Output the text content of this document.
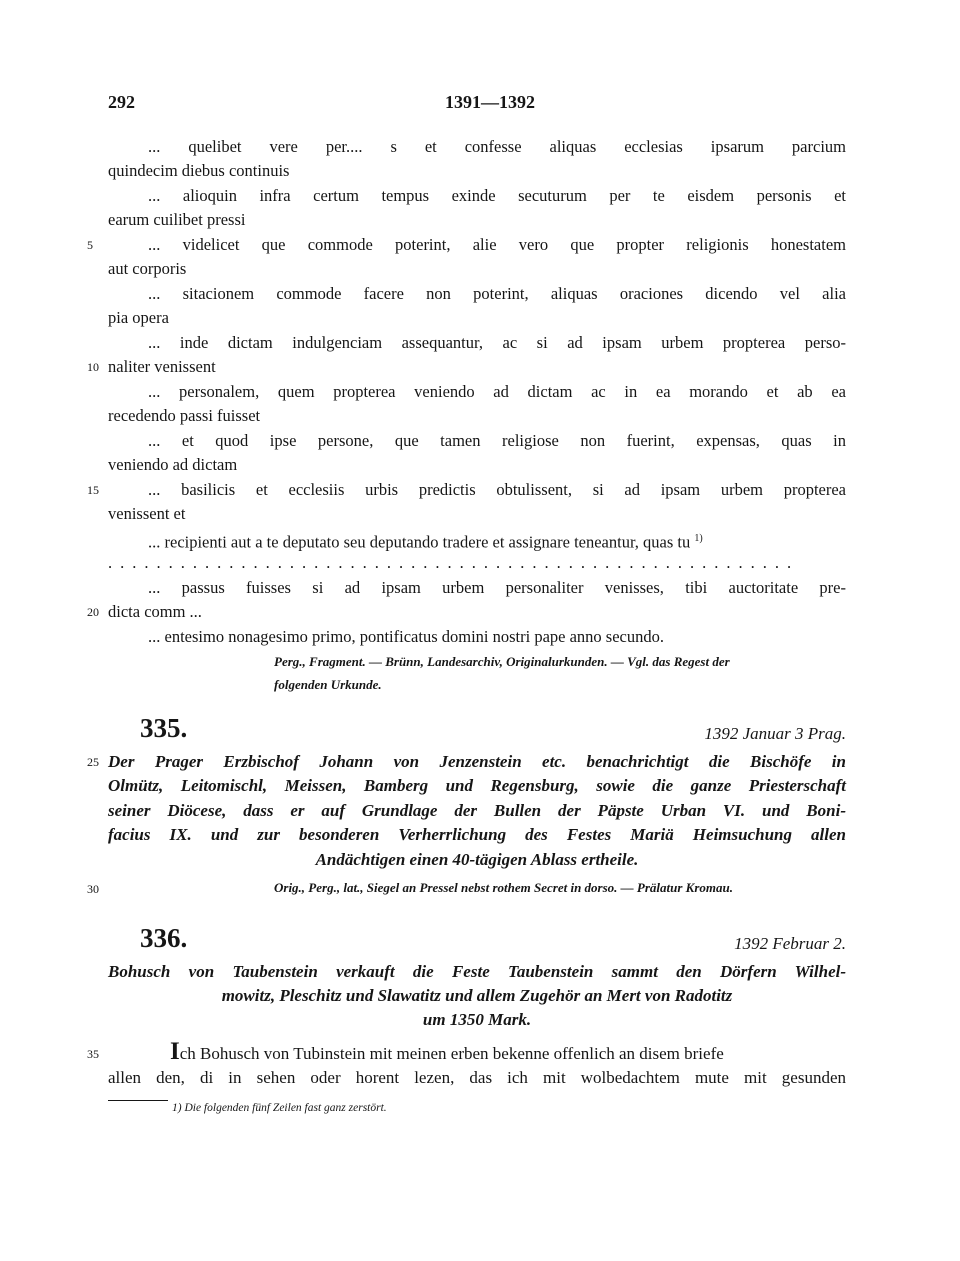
292	1391—1392
... quelibet vere per.... s et confesse aliquas ecclesias ipsarum parcium
quindecim diebus continuis
... alioquin infra certum tempus exinde secuturum per te eisdem personis et
earum cuilibet pressi
5	... videlicet que commode poterint, alie vero que propter religionis honestatem
aut corporis
... sitacionem commode facere non poterint, aliquas oraciones dicendo vel alia
pia opera
... inde dictam indulgenciam assequantur, ac si ad ipsam urbem propterea perso-
10 naliter venissent
... personalem, quem propterea veniendo ad dictam ac in ea morando et ab ea
recedendo passi fuisset
... et quod ipse persone, que tamen religiose non fuerint, expensas, quas in
veniendo ad dictam
15	... basilicis et ecclesiis urbis predictis obtulissent, si ad ipsam urbem propterea
venissent et
... recipienti aut a te deputato seu deputando tradere et assignare teneantur, quas tu $^{1)}$
.........................................................
... passus fuisses si ad ipsam urbem personaliter venisses, tibi auctoritate pre-
20 dicta comm ...
... entesimo nonagesimo primo, pontificatus domini nostri pape anno secundo.
Perg., Fragment. — Brünn, Landesarchiv, Originalurkunden. — Vgl. das Regest der
folgenden Urkunde.
335.	1392 Januar 3 Prag.
25 Der Prager Erzbischof Johann von Jenzenstein etc. benachrichtigt die Bischöfe in
Olmütz, Leitomischl, Meissen, Bamberg und Regensburg, sowie die ganze Priesterschaft
seiner Diöcese, dass er auf Grundlage der Bullen der Päpste Urban VI. und Boni-
facius IX. und zur besonderen Verherrlichung des Festes Mariä Heimsuchung allen
Andächtigen einen 40-tägigen Ablass ertheile.
30	Orig., Perg., lat., Siegel an Pressel nebst rothem Secret in dorso. — Prälatur Kromau.
336.	1392 Februar 2.
Bohusch von Taubenstein verkauft die Feste Taubenstein sammt den Dörfern Wilhel-
mowitz, Pleschitz und Slawatitz und allem Zugehör an Mert von Radotitz
um 1350 Mark.
35	Ich Bohusch von Tubinstein mit meinen erben bekenne offenlich an disem briefe
allen den, di in sehen oder horent lezen, das ich mit wolbedachtem mute mit gesunden
1) Die folgenden fünf Zeilen fast ganz zerstört.
